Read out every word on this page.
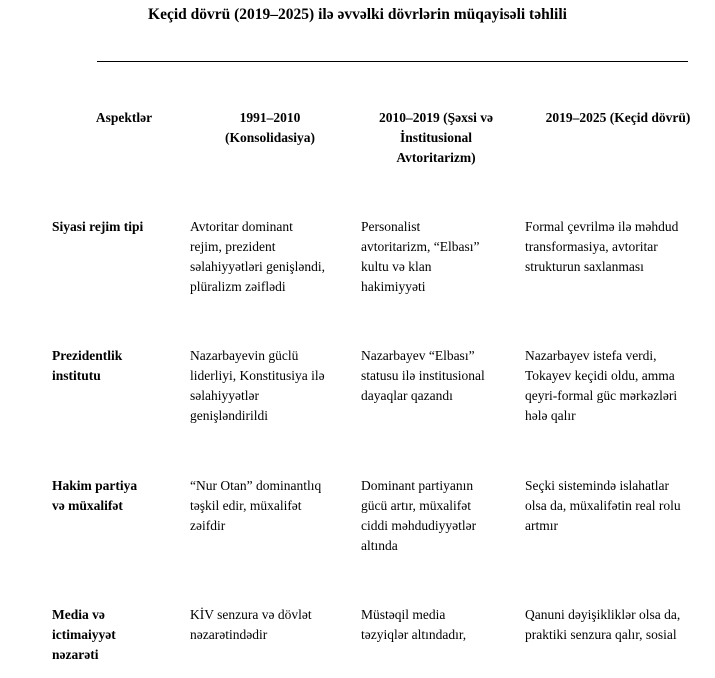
Keçid dövrü (2019–2025) ilə əvvəlki dövrlərin müqayisəli təhlili
Aspektlər	1991–2010
(Konsolidasiya)
2010–2019 (Şəxsi və
İnstitusional
Avtoritarizm)
2019–2025 (Keçid dövrü)
Siyasi rejim tipi	Avtoritar dominant
rejim, prezident
səlahiyyətləri genişləndi,
plüralizm zəiflədi
Personalist
avtoritarizm, “Elbası”
kultu və klan
hakimiyyəti
Formal çevrilmə ilə məhdud
transformasiya, avtoritar
strukturun saxlanması
Prezidentlik
institutu
Nazarbayevin güclü
liderliyi, Konstitusiya ilə
səlahiyyətlər
genişləndirildi
Nazarbayev “Elbası”
statusu ilə institusional
dayaqlar qazandı
Nazarbayev istefa verdi,
Tokayev keçidi oldu, amma
qeyri-formal güc mərkəzləri
hələ qalır
Hakim partiya
və müxalifət
“Nur Otan” dominantlıq
təşkil edir, müxalifət
zəifdir
Dominant partiyanın
gücü artır, müxalifət
ciddi məhdudiyyətlər
altında
Seçki sistemində islahatlar
olsa da, müxalifətin real rolu
artmır
Media və
ictimaiyyət
nəzarəti
KİV senzura və dövlət
nəzarətindədir
Müstəqil media
təzyiqlər altındadır,
Qanuni dəyişikliklər olsa da,
praktiki senzura qalır, sosial
